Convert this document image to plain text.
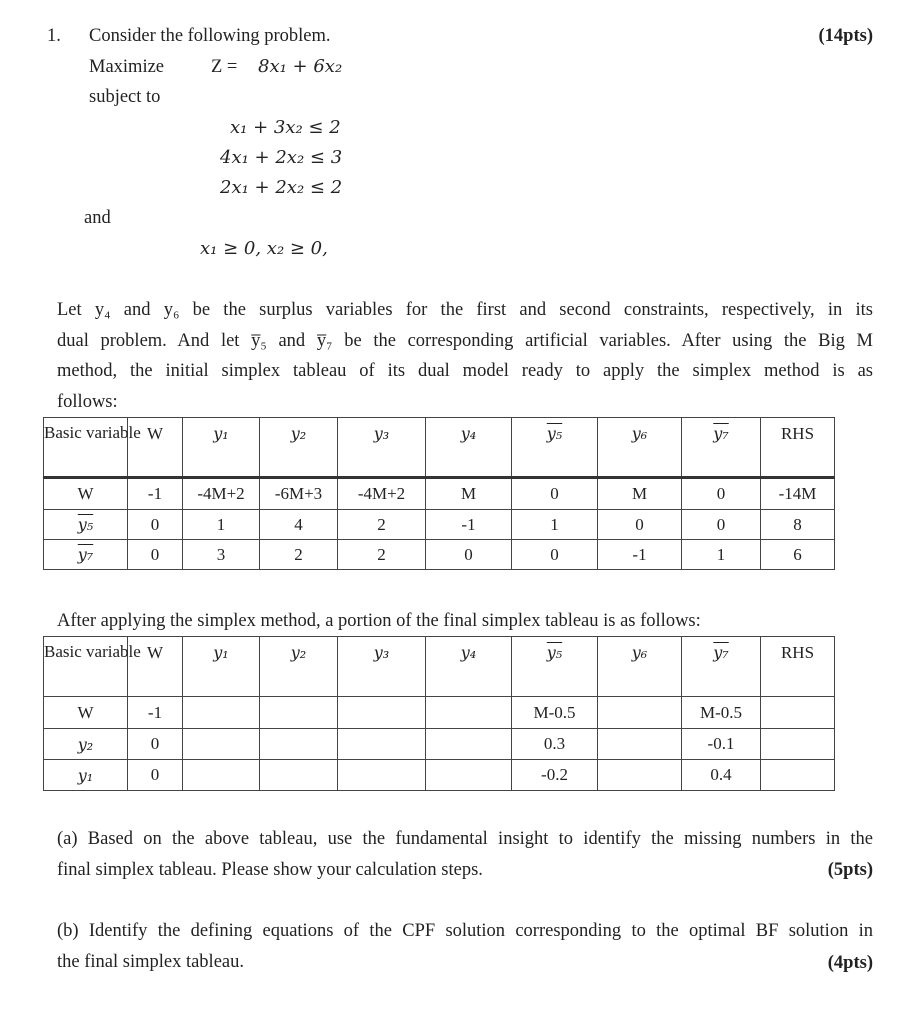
1. Consider the following problem.	(14pts)
Maximize	Z = 8x₁ + 6x₂
subject to
x₁ + 3x₂ ≤ 2
4x₁ + 2x₂ ≤ 3
2x₁ + 2x₂ ≤ 2
and
x₁ ≥ 0, x₂ ≥ 0,
Let y₄ and y₆ be the surplus variables for the first and second constraints, respectively, in its
dual problem. And let y̅₅ and y̅₇ be the corresponding artificial variables. After using the Big M
method, the initial simplex tableau of its dual model ready to apply the simplex method is as
follows:
Basic variable	W	y₁	y₂	y₃	y₄	y₅	y₆	y₇	RHS
W	-1	-4M+2	-6M+3	-4M+2	M	0	M	0	-14M
y₅	0	1	4	2	-1	1	0	0	8
y₇	0	3	2	2	0	0	-1	1	6
After applying the simplex method, a portion of the final simplex tableau is as follows:
Basic variable	W	y₁	y₂	y₃	y₄	y₅	y₆	y₇	RHS
W	-1					M-0.5		M-0.5	
y₂	0					0.3		-0.1	
y₁	0					-0.2		0.4	
(a) Based on the above tableau, use the fundamental insight to identify the missing numbers in the
final simplex tableau. Please show your calculation steps.	(5pts)
(b) Identify the defining equations of the CPF solution corresponding to the optimal BF solution in
the final simplex tableau.	(4pts)
